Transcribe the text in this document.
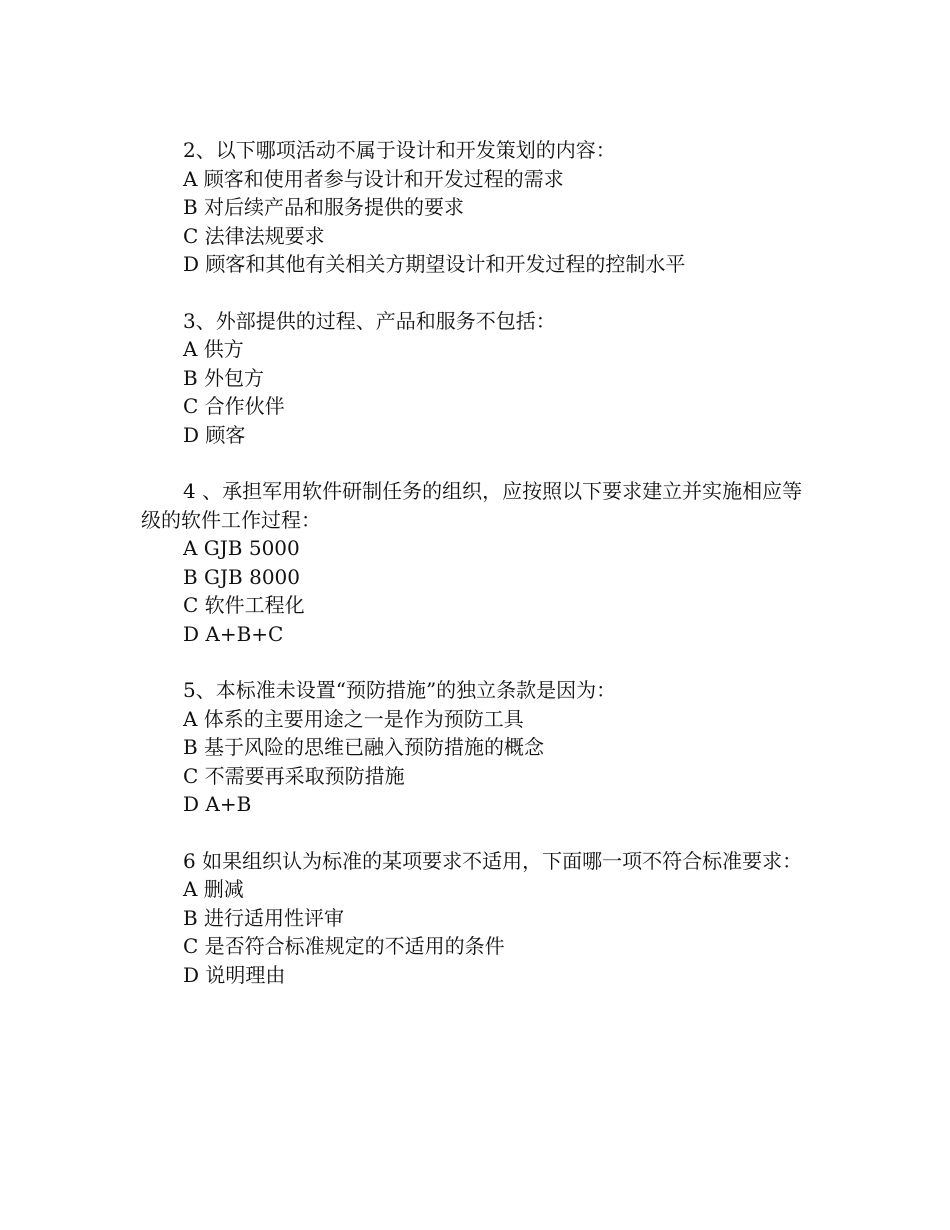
2、以下哪项活动不属于设计和开发策划的内容：

A 顾客和使用者参与设计和开发过程的需求

B 对后续产品和服务提供的要求

C 法律法规要求

D 顾客和其他有关相关方期望设计和开发过程的控制水平

3、外部提供的过程、产品和服务不包括：

A 供方

B 外包方

C 合作伙伴

D 顾客

4 、承担军用软件研制任务的组织，应按照以下要求建立并实施相应等级的软件工作过程：

A GJB 5000

B GJB 8000

C 软件工程化

D A+B+C

5、本标准未设置“预防措施”的独立条款是因为：

A 体系的主要用途之一是作为预防工具

B 基于风险的思维已融入预防措施的概念

C 不需要再采取预防措施

D A+B

6 如果组织认为标准的某项要求不适用，下面哪一项不符合标准要求：

A 删减

B 进行适用性评审

C 是否符合标准规定的不适用的条件

D 说明理由
